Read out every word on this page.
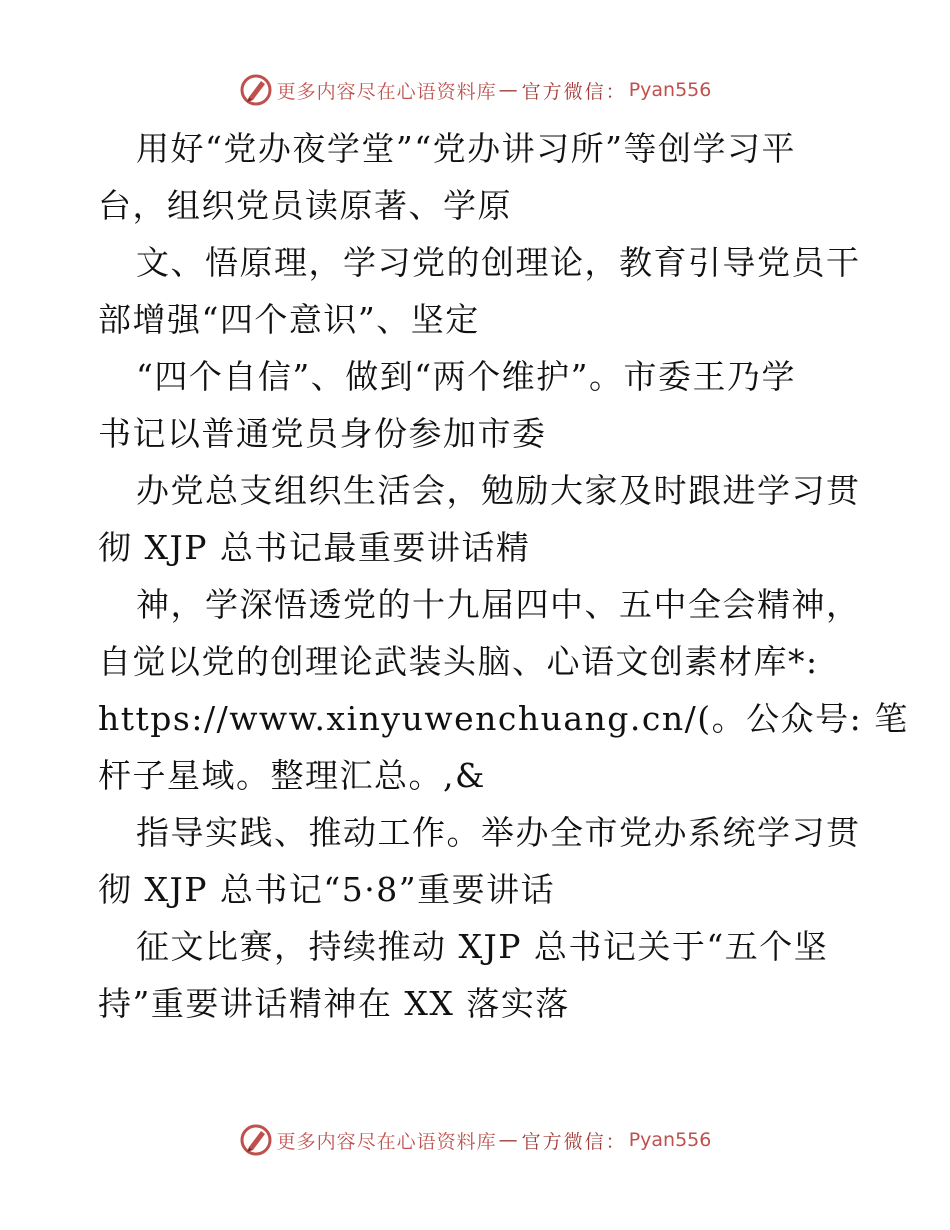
更多内容尽在心语资料库 — 官方微信： Pyan556

用好“党办夜学堂”“党办讲习所”等创学习平
台，组织党员读原著、学原

文、悟原理，学习党的创理论，教育引导党员干
部增强“四个意识”、坚定

“四个自信”、做到“两个维护”。市委王乃学
书记以普通党员身份参加市委

办党总支组织生活会，勉励大家及时跟进学习贯
彻 XJP 总书记最重要讲话精

神，学深悟透党的十九届四中、五中全会精神，
自觉以党的创理论武装头脑、心语文创素材库*:
https://www.xinyuwenchuang.cn/(。公众号: 笔
杆子星域。整理汇总。,&

指导实践、推动工作。举办全市党办系统学习贯
彻 XJP 总书记“5·8”重要讲话

征文比赛，持续推动 XJP 总书记关于“五个坚
持”重要讲话精神在 XX 落实落

更多内容尽在心语资料库 — 官方微信： Pyan556
